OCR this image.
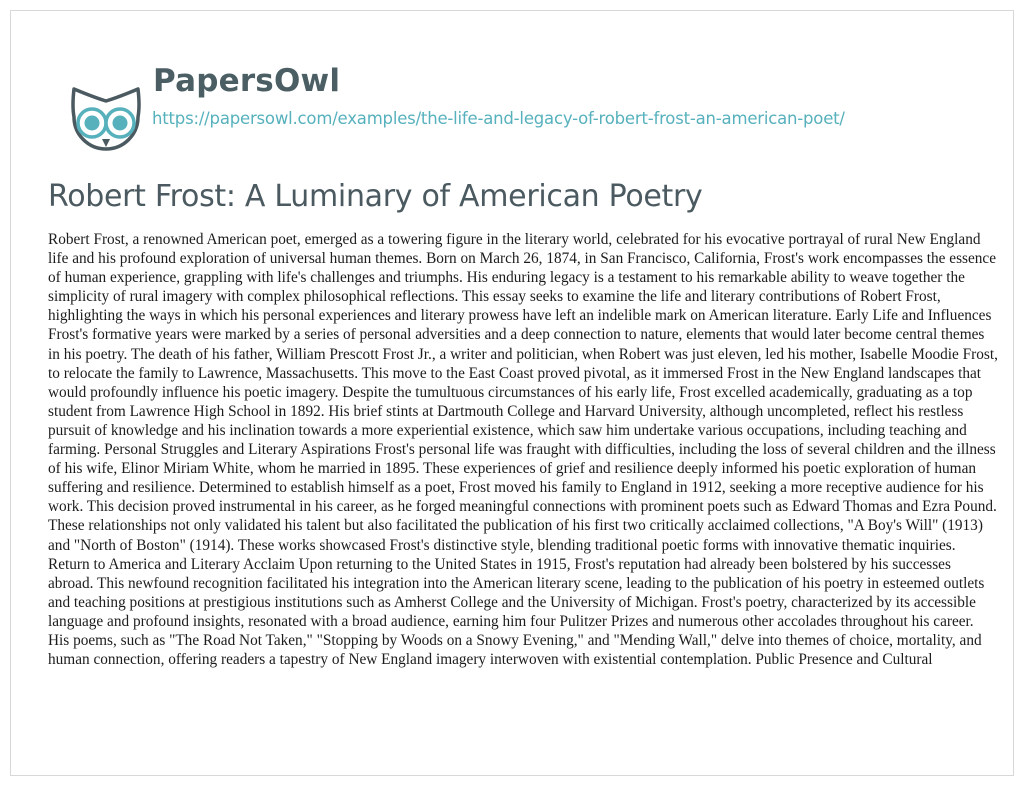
PapersOwl
https://papersowl.com/examples/the-life-and-legacy-of-robert-frost-an-american-poet/
Robert Frost: A Luminary of American Poetry

Robert Frost, a renowned American poet, emerged as a towering figure in the literary world, celebrated for his evocative portrayal of rural New England life and his profound exploration of universal human themes. Born on March 26, 1874, in San Francisco, California, Frost's work encompasses the essence of human experience, grappling with life's challenges and triumphs. His enduring legacy is a testament to his remarkable ability to weave together the simplicity of rural imagery with complex philosophical reflections. This essay seeks to examine the life and literary contributions of Robert Frost, highlighting the ways in which his personal experiences and literary prowess have left an indelible mark on American literature. Early Life and Influences Frost's formative years were marked by a series of personal adversities and a deep connection to nature, elements that would later become central themes in his poetry. The death of his father, William Prescott Frost Jr., a writer and politician, when Robert was just eleven, led his mother, Isabelle Moodie Frost, to relocate the family to Lawrence, Massachusetts. This move to the East Coast proved pivotal, as it immersed Frost in the New England landscapes that would profoundly influence his poetic imagery. Despite the tumultuous circumstances of his early life, Frost excelled academically, graduating as a top student from Lawrence High School in 1892. His brief stints at Dartmouth College and Harvard University, although uncompleted, reflect his restless pursuit of knowledge and his inclination towards a more experiential existence, which saw him undertake various occupations, including teaching and farming. Personal Struggles and Literary Aspirations Frost's personal life was fraught with difficulties, including the loss of several children and the illness of his wife, Elinor Miriam White, whom he married in 1895. These experiences of grief and resilience deeply informed his poetic exploration of human suffering and resilience. Determined to establish himself as a poet, Frost moved his family to England in 1912, seeking a more receptive audience for his work. This decision proved instrumental in his career, as he forged meaningful connections with prominent poets such as Edward Thomas and Ezra Pound. These relationships not only validated his talent but also facilitated the publication of his first two critically acclaimed collections, "A Boy's Will" (1913) and "North of Boston" (1914). These works showcased Frost's distinctive style, blending traditional poetic forms with innovative thematic inquiries. Return to America and Literary Acclaim Upon returning to the United States in 1915, Frost's reputation had already been bolstered by his successes abroad. This newfound recognition facilitated his integration into the American literary scene, leading to the publication of his poetry in esteemed outlets and teaching positions at prestigious institutions such as Amherst College and the University of Michigan. Frost's poetry, characterized by its accessible language and profound insights, resonated with a broad audience, earning him four Pulitzer Prizes and numerous other accolades throughout his career. His poems, such as "The Road Not Taken," "Stopping by Woods on a Snowy Evening," and "Mending Wall," delve into themes of choice, mortality, and human connection, offering readers a tapestry of New England imagery interwoven with existential contemplation. Public Presence and Cultural
